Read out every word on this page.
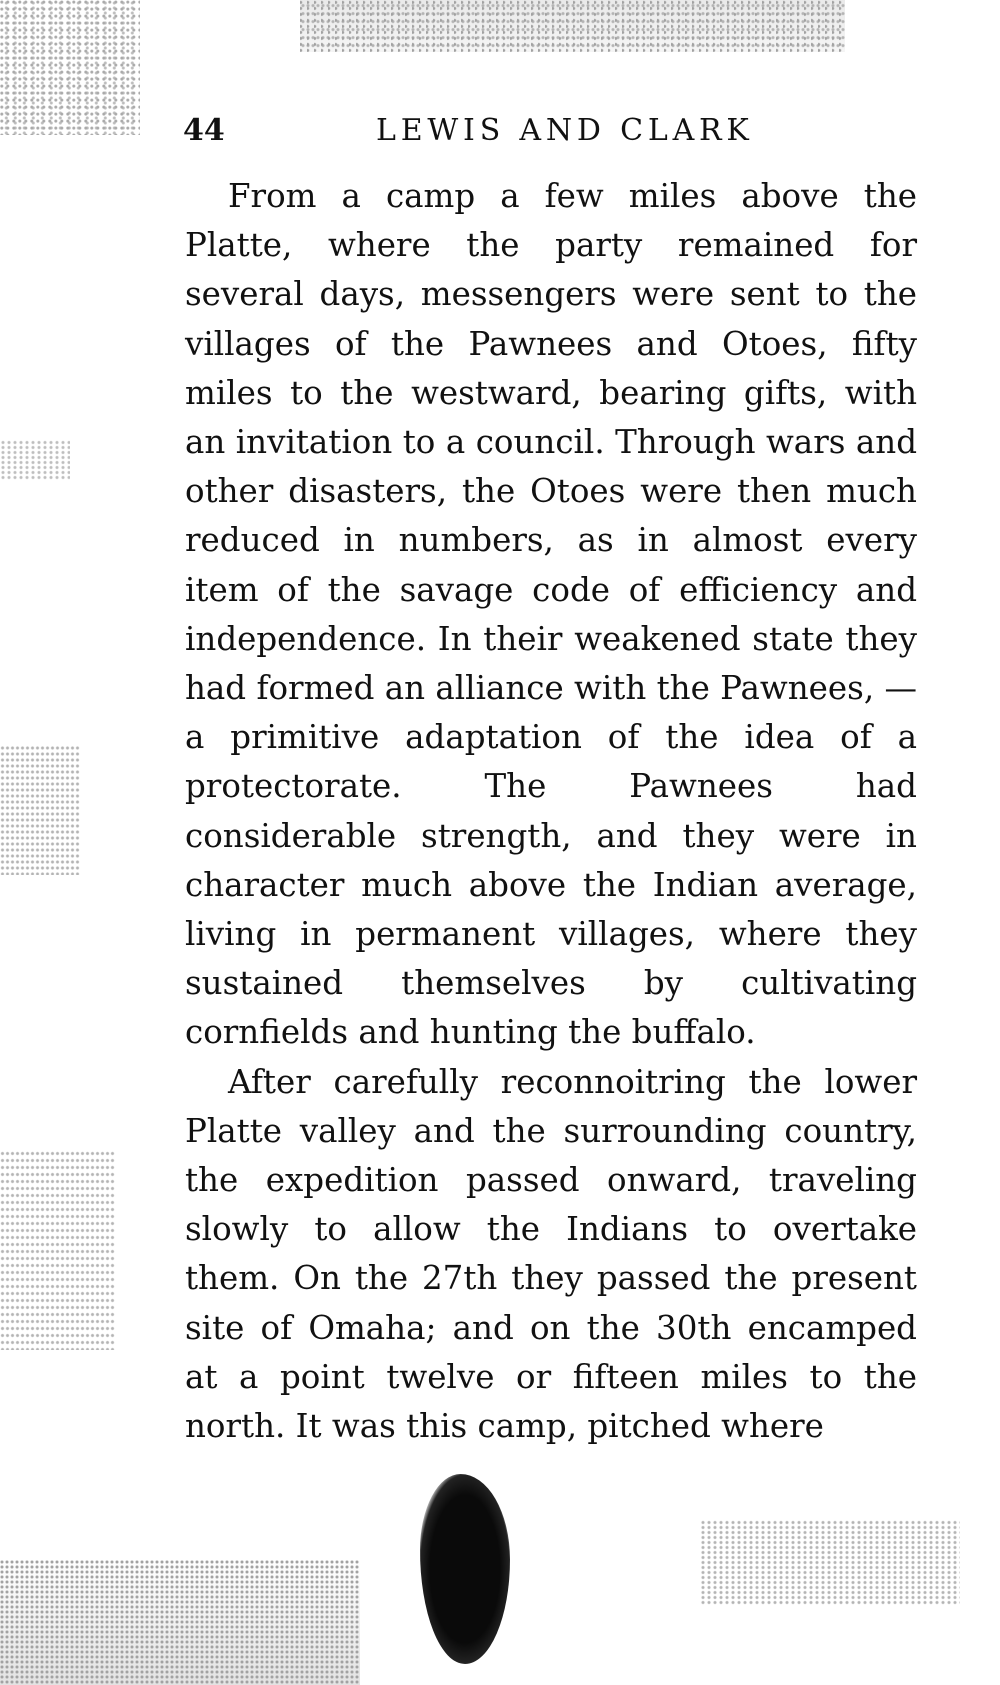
44	LEWIS AND CLARK

From a camp a few miles above the Platte, where the party remained for several days, messengers were sent to the villages of the Pawnees and Otoes, fifty miles to the westward, bearing gifts, with an invitation to a council. Through wars and other disasters, the Otoes were then much reduced in numbers, as in almost every item of the savage code of efficiency and independence. In their weakened state they had formed an alliance with the Pawnees, — a primitive adaptation of the idea of a protectorate. The Pawnees had considerable strength, and they were in character much above the Indian average, living in permanent villages, where they sustained themselves by cultivating cornfields and hunting the buffalo.

After carefully reconnoitring the lower Platte valley and the surrounding country, the expedition passed onward, traveling slowly to allow the Indians to overtake them. On the 27th they passed the present site of Omaha; and on the 30th encamped at a point twelve or fifteen miles to the north. It was this camp, pitched where
